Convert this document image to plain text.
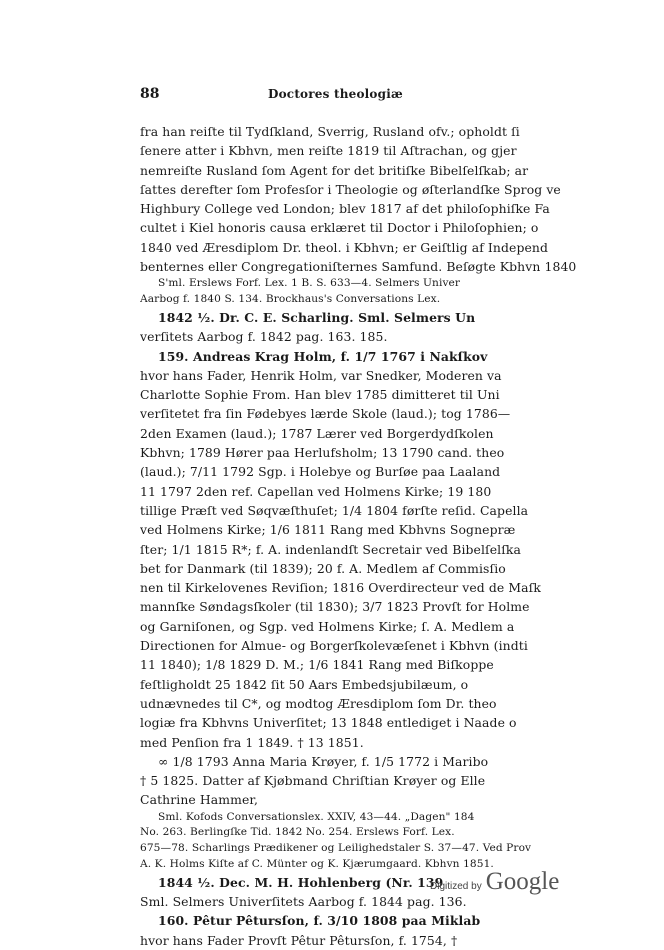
88	Doctores theologiæ
fra han reiſte til Tydſkland, Sverrig, Rusland ofv.; opholdt ſi
ſenere atter i Kbhvn, men reiſte 1819 til Aſtrachan, og gjer
nemreiſte Rusland ſom Agent for det britiſke Bibelſelſkab; ar
ſattes derefter ſom Profesſor i Theologie og øſterlandſke Sprog ve
Highbury College ved London; blev 1817 af det philoſophiſke Fa
cultet i Kiel honoris causa erklæret til Doctor i Philoſophien; o
1840 ved Æresdiplom Dr. theol. i Kbhvn; er Geiſtlig af Independ
benternes eller Congregationiſternes Samfund. Beſøgte Kbhvn 1840
S'ml. Erslews Forf. Lex. 1 B. S. 633—4. Selmers Univer
Aarbog f. 1840 S. 134. Brockhaus's Conversations Lex.
1842 ½. Dr. C. E. Scharling. Sml. Selmers Un
verſitets Aarbog f. 1842 pag. 163. 185.
159. Andreas Krag Holm, f. 1/7 1767 i Nakſkov
hvor hans Fader, Henrik Holm, var Snedker, Moderen va
Charlotte Sophie From. Han blev 1785 dimitteret til Uni
verſitetet fra ſin Fødebyes lærde Skole (laud.); tog 1786—
2den Examen (laud.); 1787 Lærer ved Borgerdydſkolen
Kbhvn; 1789 Hører paa Herlufsholm; 13 1790 cand. theo
(laud.); 7/11 1792 Sgp. i Holebye og Burſøe paa Laaland
11 1797 2den ref. Capellan ved Holmens Kirke; 19 180
tillige Præſt ved Søqvæſthuſet; 1/4 1804 førſte reſid. Capella
ved Holmens Kirke; 1/6 1811 Rang med Kbhvns Sognepræ
ſter; 1/1 1815 R*; f. A. indenlandſt Secretair ved Bibelſelſka
bet for Danmark (til 1839); 20 f. A. Medlem af Commisſio
nen til Kirkelovenes Reviſion; 1816 Overdirecteur ved de Maſk
mannſke Søndagsſkoler (til 1830); 3/7 1823 Provſt for Holme
og Garniſonen, og Sgp. ved Holmens Kirke; ſ. A. Medlem a
Directionen for Almue- og Borgerſkolevæſenet i Kbhvn (indti
11 1840); 1/8 1829 D. M.; 1/6 1841 Rang med Biſkoppe
feſtligholdt 25 1842 ſit 50 Aars Embedsjubilæum, o
udnævnedes til C*, og modtog Æresdiplom ſom Dr. theo
logiæ fra Kbhvns Univerſitet; 13 1848 entlediget i Naade o
med Penſion fra 1 1849. † 13 1851.
∞ 1/8 1793 Anna Maria Krøyer, f. 1/5 1772 i Maribo
† 5 1825. Datter af Kjøbmand Chriſtian Krøyer og Elle
Cathrine Hammer,
Sml. Kofods Conversationslex. XXIV, 43—44. „Dagen" 184
No. 263. Berlingſke Tid. 1842 No. 254. Erslews Forf. Lex.
675—78. Scharlings Prædikener og Leilighedstaler S. 37—47. Ved Prov
A. K. Holms Kiſte af C. Münter og K. Kjærumgaard. Kbhvn 1851.
1844 ½. Dec. M. H. Hohlenberg (Nr. 139
Sml. Selmers Univerſitets Aarbog f. 1844 pag. 136.
160. Pêtur Pêtursſon, f. 3/10 1808 paa Miklab
hvor hans Fader Provſt Pêtur Pêtursſon, f. 1754, †
Digitized by Google
